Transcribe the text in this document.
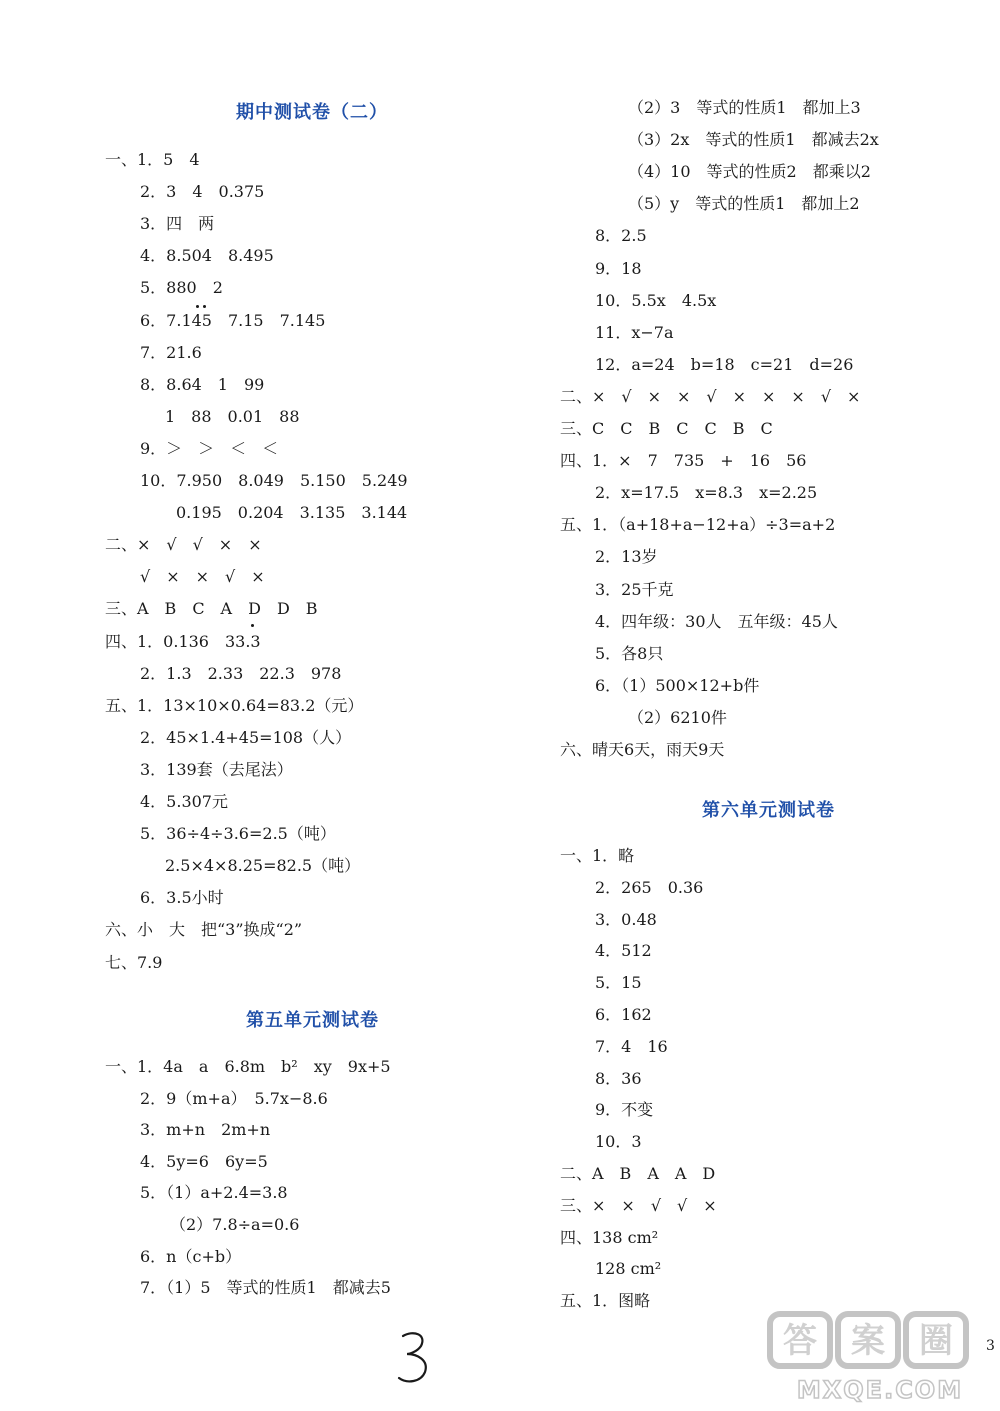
期中测试卷（二）
一、1．5　4
2．3　4　0.375
3．四　两
4．8.504　8.495
5．880　2
6．7.145　7.15　7.145
7．21.6
8．8.64　1　99
1　88　0.01　88
9．＞　＞　＜　＜
10．7.950　8.049　5.150　5.249
0.195　0.204　3.135　3.144
二、×　√　√　×　×
√　×　×　√　×
三、A　B　C　A　D　D　B
四、1．0.136　33.3
2．1.3　2.33　22.3　978
五、1．13×10×0.64=83.2（元）
2．45×1.4+45=108（人）
3．139套（去尾法）
4．5.307元
5．36÷4÷3.6=2.5（吨）
2.5×4×8.25=82.5（吨）
6．3.5小时
六、小　大　把“3”换成“2”
七、7.9
第五单元测试卷
一、1．4a　a　6.8m　b²　xy　9x+5
2．9（m+a）　5.7x−8.6
3．m+n　2m+n
4．5y=6　6y=5
5．（1）a+2.4=3.8
（2）7.8÷a=0.6
6．n（c+b）
7．（1）5　等式的性质1　都减去5
（2）3　等式的性质1　都加上3
（3）2x　等式的性质1　都减去2x
（4）10　等式的性质2　都乘以2
（5）y　等式的性质1　都加上2
8．2.5
9．18
10．5.5x　4.5x
11．x−7a
12．a=24　b=18　c=21　d=26
二、×　√　×　×　√　×　×　×　√　×
三、C　C　B　C　C　B　C
四、1．×　7　735　+　16　56
2．x=17.5　x=8.3　x=2.25
五、1．（a+18+a−12+a）÷3=a+2
2．13岁
3．25千克
4．四年级：30人　五年级：45人
5．各8只
6．（1）500×12+b件
（2）6210件
六、晴天6天，雨天9天
第六单元测试卷
一、1．略
2．265　0.36
3．0.48
4．512
5．15
6．162
7．4　16
8．36
9．不变
10．3
二、A　B　A　A　D
三、×　×　√　√　×
四、138 cm²
128 cm²
五、1．图略
3
答 案 圈
MXQE.COM
